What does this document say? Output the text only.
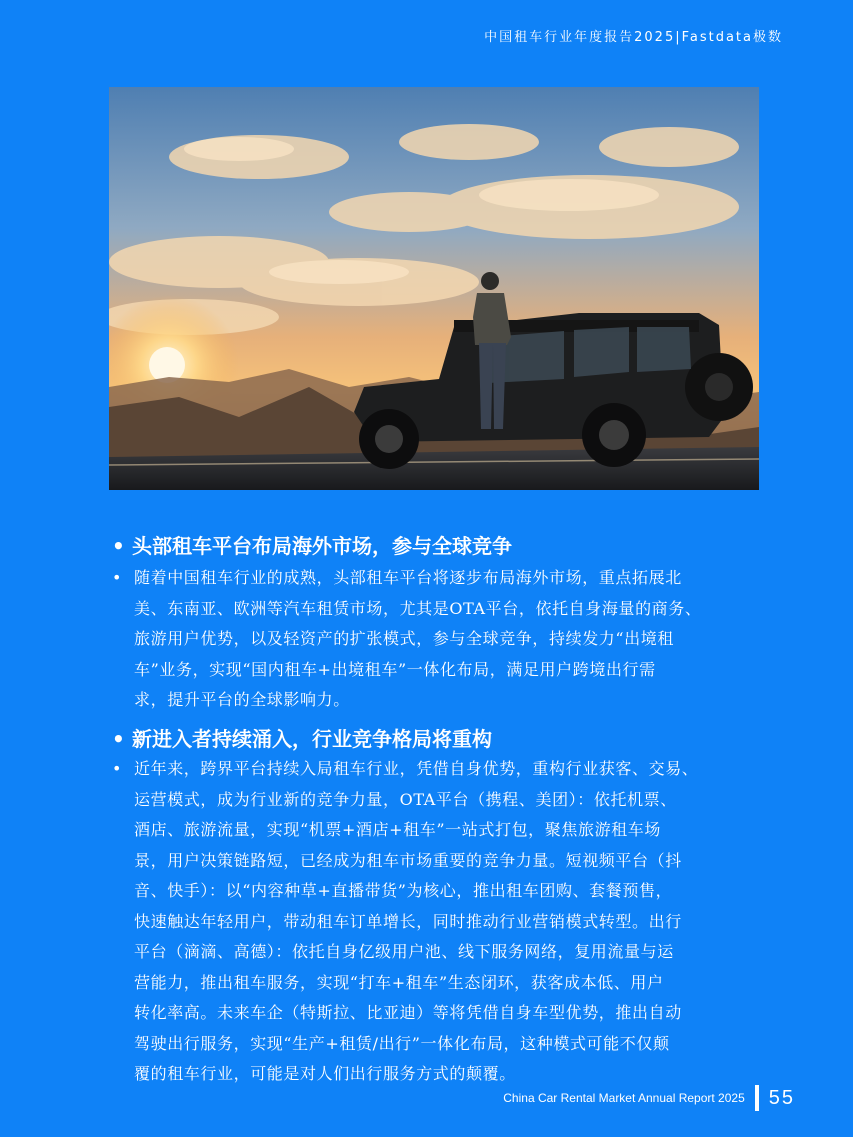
中国租车行业年度报告2025|Fastdata极数
• 头部租车平台布局海外市场，参与全球竞争
• 随着中国租车行业的成熟，头部租车平台将逐步布局海外市场，重点拓展北
美、东南亚、欧洲等汽车租赁市场，尤其是OTA平台，依托自身海量的商务、
旅游用户优势，以及轻资产的扩张模式，参与全球竞争，持续发力“出境租
车”业务，实现“国内租车+出境租车”一体化布局，满足用户跨境出行需
求，提升平台的全球影响力。
• 新进入者持续涌入，行业竞争格局将重构
• 近年来，跨界平台持续入局租车行业，凭借自身优势，重构行业获客、交易、
运营模式，成为行业新的竞争力量，OTA平台（携程、美团）：依托机票、
酒店、旅游流量，实现“机票+酒店+租车”一站式打包，聚焦旅游租车场
景，用户决策链路短，已经成为租车市场重要的竞争力量。短视频平台（抖
音、快手）：以“内容种草+直播带货”为核心，推出租车团购、套餐预售，
快速触达年轻用户，带动租车订单增长，同时推动行业营销模式转型。出行
平台（滴滴、高德）：依托自身亿级用户池、线下服务网络，复用流量与运
营能力，推出租车服务，实现“打车+租车”生态闭环，获客成本低、用户
转化率高。未来车企（特斯拉、比亚迪）等将凭借自身车型优势，推出自动
驾驶出行服务，实现“生产+租赁/出行”一体化布局，这种模式可能不仅颠
覆的租车行业，可能是对人们出行服务方式的颠覆。
China Car Rental Market Annual Report 2025 55
